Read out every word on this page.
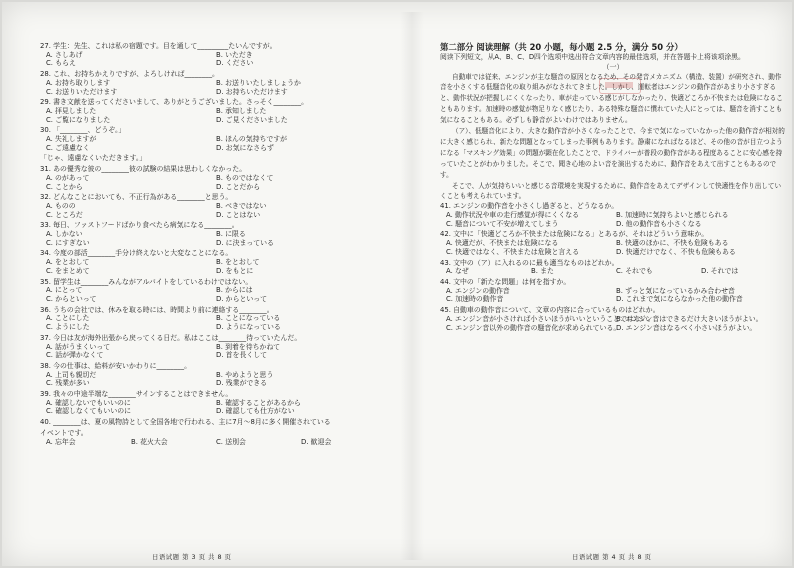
27. 学生：先生、これは私の宿題です。目を通して_________たいんですが。
A. さしあげ	B. いただき
C. もらえ	D. ください
28. これ、お持ちかえりですが、よろしければ________。
A. お持ち取りします	B. お送りいたしましょうか
C. お送りいただけます	D. お持ちいただけます
29. 書き文献を送ってくださいまして、ありがとうございました。さっそく________。
A. 拝見しました	B. 承知しました
C. ご覧になりました	D. ご見くださいました
30. 「________、どうぞ。」
A. 失礼しますが	B. ほんの気持ちですが
C. ご遠慮なく	D. お気になさらず
「じゃ、遠慮なくいただきます。」
31. あの優秀な彼の________彼の試験の結果は思わしくなかった。
A. のがあって	B. ものではなくて
C. ことから	D. ことだから
32. どんなことにおいても、不正行為がある________と思う。
A. ものの	B. べきではない
C. ところだ	D. ことはない
33. 毎日、ファストフードばかり食べたら病気になる________。
A. しかない	B. に限る
C. にすぎない	D. に決まっている
34. 今度の部活________手分け終えないと大変なことになる。
A. をとおして	B. をとおして
C. をまとめて	D. をもとに
35. 留学生は________みんながアルバイトをしているわけではない。
A. にとって	B. からには
C. からといって	D. からといって
36. うちの会社では、休みを取る時には、時間より前に連絡する________。
A. ことにした	B. ことになっている
C. ようにした	D. ようになっている
37. 今日は友が海外出張から戻ってくる日だ。私はここは________待っていたんだ。
A. 話がうまくいって	B. 到着を待ちかねて
C. 話が弾かなくて	D. 首を長くして
38. 今の仕事は、給料が安いかわりに________。
A. 上司も親切だ	B. やめようと思う
C. 残業が多い	D. 残業ができる
39. 我々の中途半端な________サインすることはできません。
A. 確認しないでもいいのに	B. 確認することがあるから
C. 確認しなくてもいいのに	D. 確認しても仕方がない
40. ________は、夏の風物詩として全国各地で行われる、主に7月〜8月に多く開催されている
イベントです。
A. 忘年会	B. 花火大会	C. 送別会	D. 歓迎会
日语试题 第 3 页 共 8 页
第二部分 阅读理解（共 20 小题，每小题 2.5 分，满分 50 分）
阅读下列短文，从A、B、C、D四个选项中选出符合文章内容的最佳选项，并在答题卡上将该项涂黑。
（一）
自動車では従来、エンジンが主な騒音の原因となるため、その発音メカニズム（構造、装置）が研究され、動作音を小さくする低騒音化の取り組みがなされてきました。しかし、運転者はエンジンの動作音があまり小さすぎると、動作状況が把握しにくくなったり、車が走っている感じがしなかったり、快適どころか不快または危険になることもあります。加速時の感覚が物足りなく感じたり、ある特殊な騒音に慣れていた人にとっては、騒音を消すことも気になることもある。必ずしも静音がよいわけではありません。
（ア）、低騒音化により、大きな動作音が小さくなったことで、今まで気になっていなかった他の動作音が相対的に大きく感じられ、新たな問題となってしまった事例もあります。静粛になればなるほど、その他の音が目立つようになる「マスキング効果」の問題が顕在化したことで、ドライバーが普段の動作音がある程度あることに安心感を持っていたことがわかりました。そこで、聞き心地のよい音を演出するために、動作音をあえて出すこともあるのです。
そこで、人が気持ちいいと感じる音環境を実現するために、動作音をあえてデザインして快適性を作り出していくことも考えられています。
41. エンジンの動作音を小さくし過ぎると、どうなるか。
A. 動作状況や車の走行感覚が得にくくなる	B. 加速時に気持ちよいと感じられる
C. 騒音について不安が増えてしまう	D. 他の動作音も小さくなる
42. 文中に「快適どころか不快または危険になる」とあるが、それはどういう意味か。
A. 快適だが、不快または危険になる	B. 快適のほかに、不快も危険もある
C. 快適ではなく、不快または危険と言える	D. 快適だけでなく、不快も危険もある
43. 文中の（ア）に入れるのに最も適当なものはどれか。
A. なぜ	B. また	C. それでも	D. それでは
44. 文中の「新たな問題」は何を指すか。
A. エンジンの動作音	B. ずっと気になっているかみ合わせ音
C. 加速時の動作音	D. これまで気にならなかった他の動作音
45. 自動車の動作音について、文章の内容に合っているものはどれか。
A. エンジン音が小さければ小さいほうがいいということではない。
B. エンジン音はできるだけ大きいほうがよい。
C. エンジン音以外の動作音の騒音化が求められている。
D. エンジン音はなるべく小さいほうがよい。
日语试题 第 4 页 共 8 页
